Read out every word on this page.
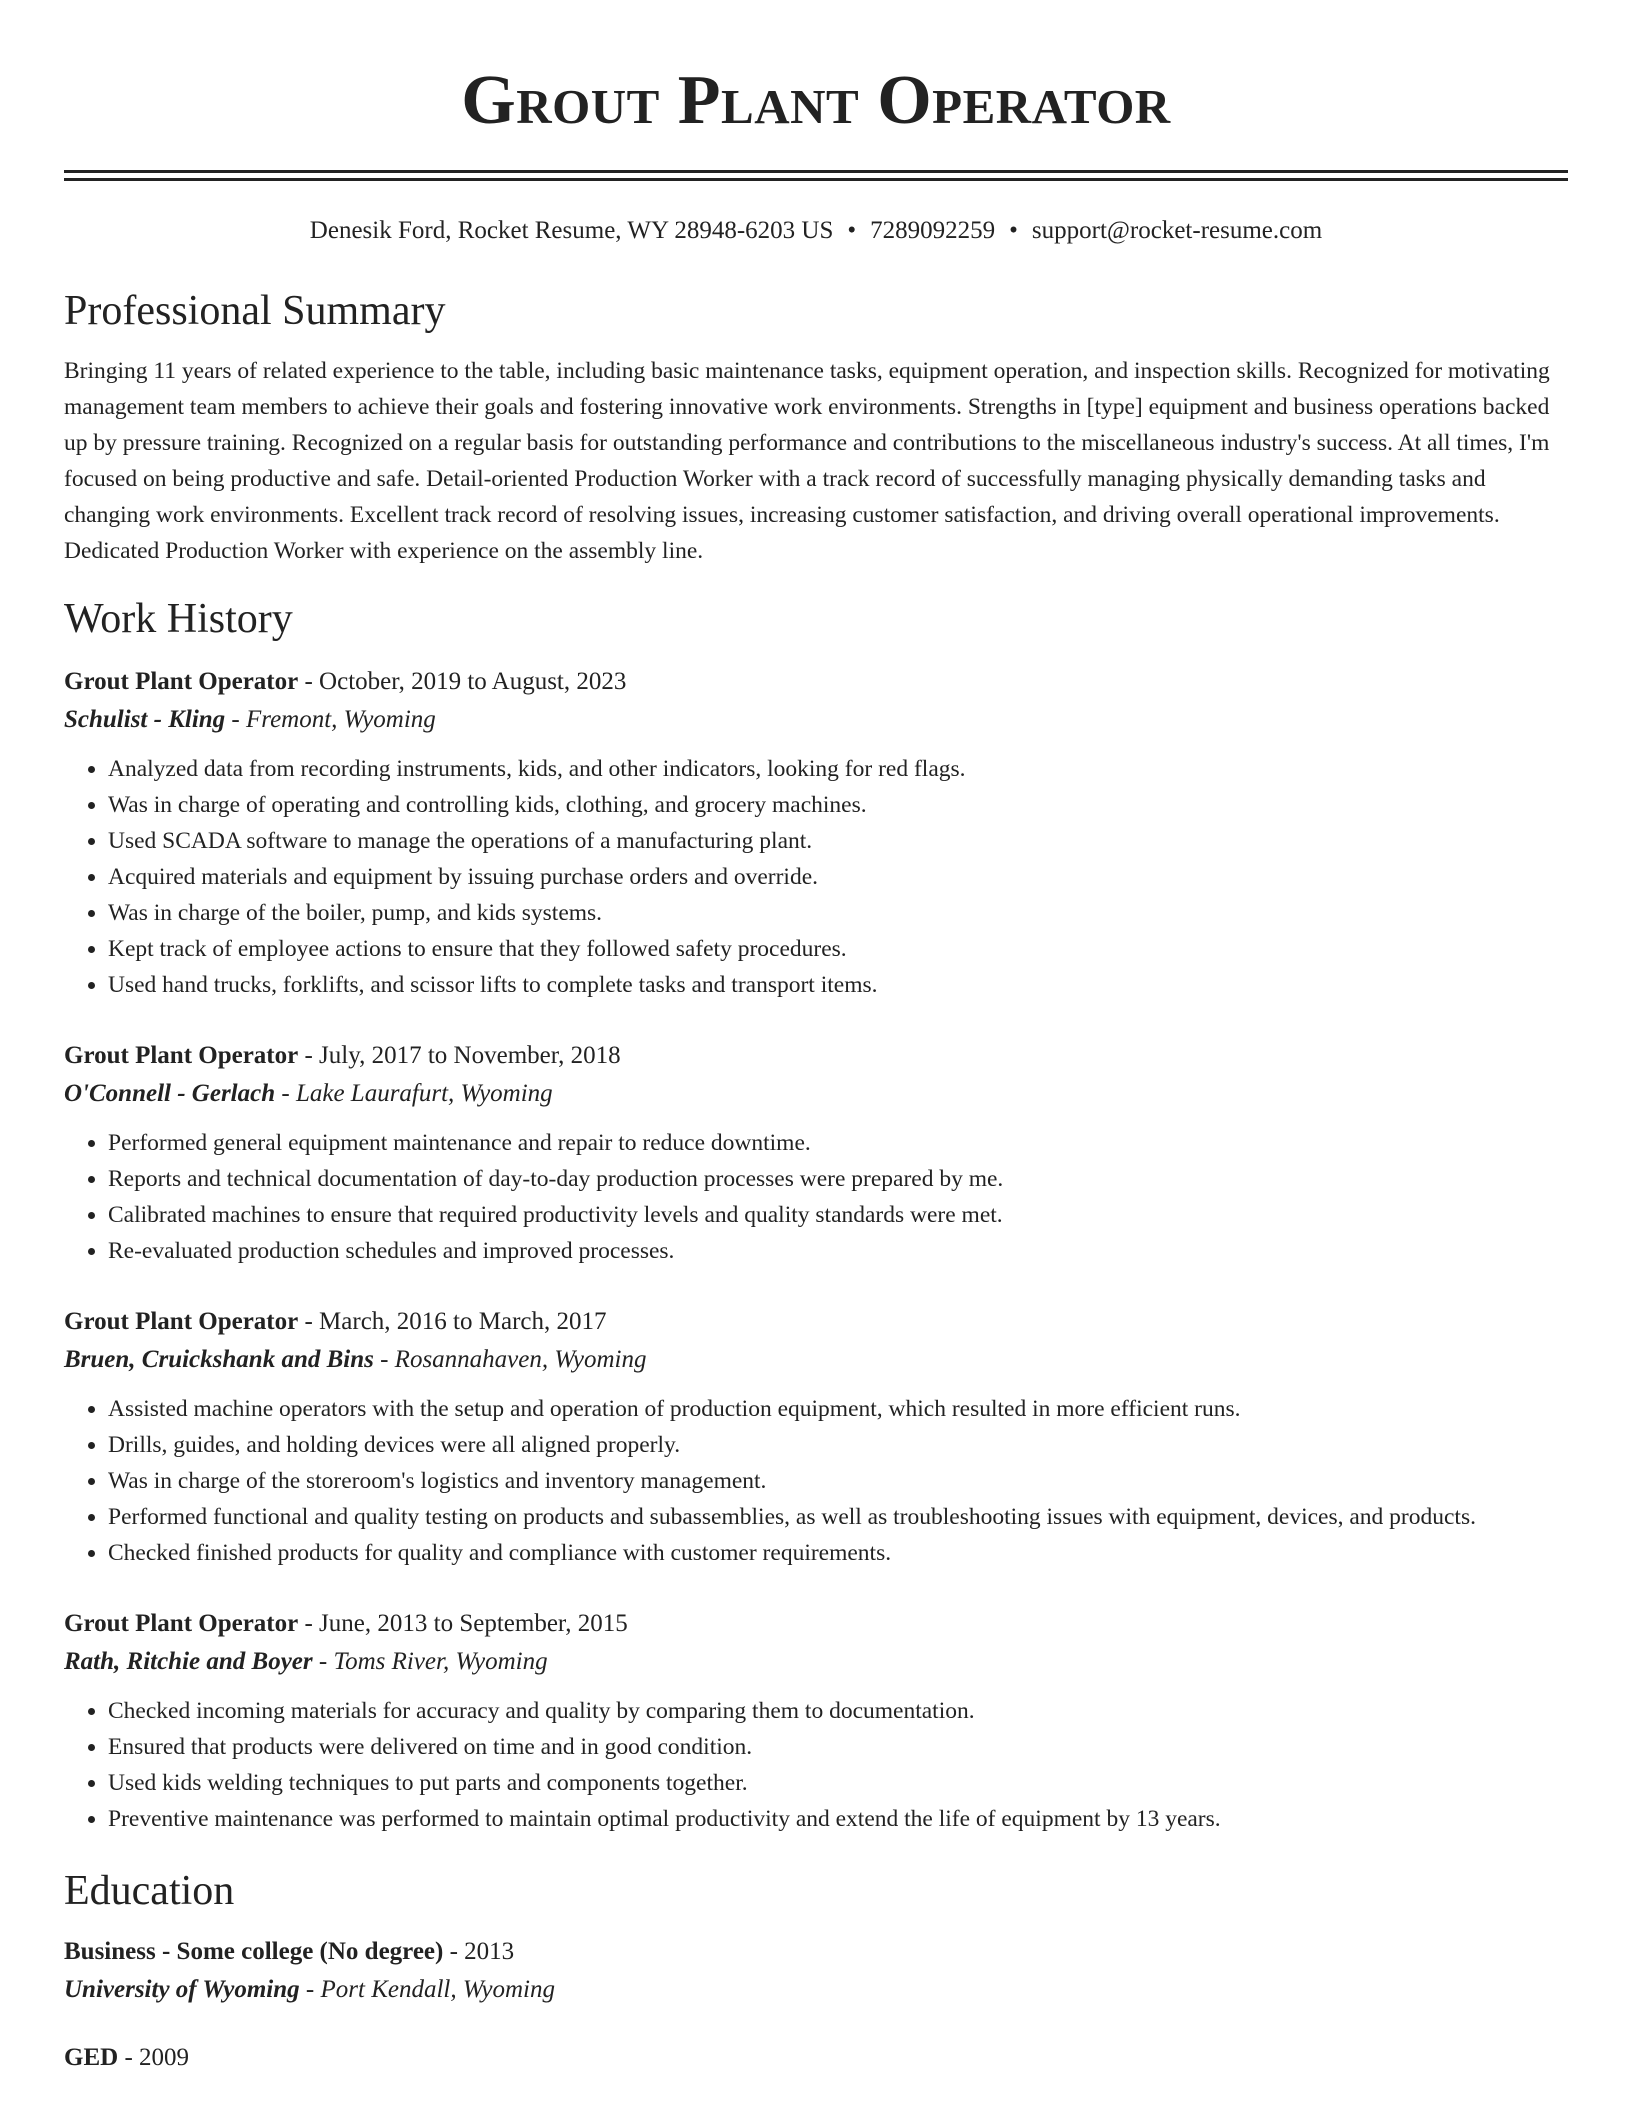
Grout Plant Operator
Denesik Ford, Rocket Resume, WY 28948-6203 US • 7289092259 • support@rocket-resume.com
Professional Summary
Bringing 11 years of related experience to the table, including basic maintenance tasks, equipment operation, and inspection skills. Recognized for motivating management team members to achieve their goals and fostering innovative work environments. Strengths in [type] equipment and business operations backed up by pressure training. Recognized on a regular basis for outstanding performance and contributions to the miscellaneous industry's success. At all times, I'm focused on being productive and safe. Detail-oriented Production Worker with a track record of successfully managing physically demanding tasks and changing work environments. Excellent track record of resolving issues, increasing customer satisfaction, and driving overall operational improvements. Dedicated Production Worker with experience on the assembly line.
Work History
Grout Plant Operator - October, 2019 to August, 2023
Schulist - Kling - Fremont, Wyoming
• Analyzed data from recording instruments, kids, and other indicators, looking for red flags.
• Was in charge of operating and controlling kids, clothing, and grocery machines.
• Used SCADA software to manage the operations of a manufacturing plant.
• Acquired materials and equipment by issuing purchase orders and override.
• Was in charge of the boiler, pump, and kids systems.
• Kept track of employee actions to ensure that they followed safety procedures.
• Used hand trucks, forklifts, and scissor lifts to complete tasks and transport items.
Grout Plant Operator - July, 2017 to November, 2018
O'Connell - Gerlach - Lake Laurafurt, Wyoming
• Performed general equipment maintenance and repair to reduce downtime.
• Reports and technical documentation of day-to-day production processes were prepared by me.
• Calibrated machines to ensure that required productivity levels and quality standards were met.
• Re-evaluated production schedules and improved processes.
Grout Plant Operator - March, 2016 to March, 2017
Bruen, Cruickshank and Bins - Rosannahaven, Wyoming
• Assisted machine operators with the setup and operation of production equipment, which resulted in more efficient runs.
• Drills, guides, and holding devices were all aligned properly.
• Was in charge of the storeroom's logistics and inventory management.
• Performed functional and quality testing on products and subassemblies, as well as troubleshooting issues with equipment, devices, and products.
• Checked finished products for quality and compliance with customer requirements.
Grout Plant Operator - June, 2013 to September, 2015
Rath, Ritchie and Boyer - Toms River, Wyoming
• Checked incoming materials for accuracy and quality by comparing them to documentation.
• Ensured that products were delivered on time and in good condition.
• Used kids welding techniques to put parts and components together.
• Preventive maintenance was performed to maintain optimal productivity and extend the life of equipment by 13 years.
Education
Business - Some college (No degree) - 2013
University of Wyoming - Port Kendall, Wyoming
GED - 2009
